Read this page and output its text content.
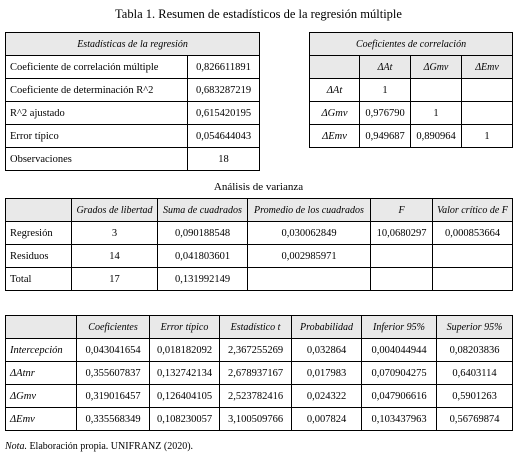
Tabla 1. Resumen de estadísticos de la regresión múltiple
Estadísticas de la regresión	
Coeficiente de correlación múltiple	0,826611891
Coeficiente de determinación R^2	0,683287219
R^2 ajustado	0,615420195
Error típico	0,054644043
Observaciones	18
Coeficientes de correlación			
	ΔAt	ΔGmv	ΔEmv
ΔAt	1		
ΔGmv	0,976790	1	
ΔEmv	0,949687	0,890964	1
Análisis de varianza
	Grados de libertad	Suma de cuadrados	Promedio de los cuadrados	F	Valor crítico de F
Regresión	3	0,090188548	0,030062849	10,0680297	0,000853664
Residuos	14	0,041803601	0,002985971		
Total	17	0,131992149			
	Coeficientes	Error típico	Estadístico t	Probabilidad	Inferior 95%	Superior 95%
Intercepción	0,043041654	0,018182092	2,367255269	0,032864	0,004044944	0,08203836
ΔAtnr	0,355607837	0,132742134	2,678937167	0,017983	0,070904275	0,6403114
ΔGmv	0,319016457	0,126404105	2,523782416	0,024322	0,047906616	0,5901263
ΔEmv	0,335568349	0,108230057	3,100509766	0,007824	0,103437963	0,56769874
Nota. Elaboración propia. UNIFRANZ (2020).
